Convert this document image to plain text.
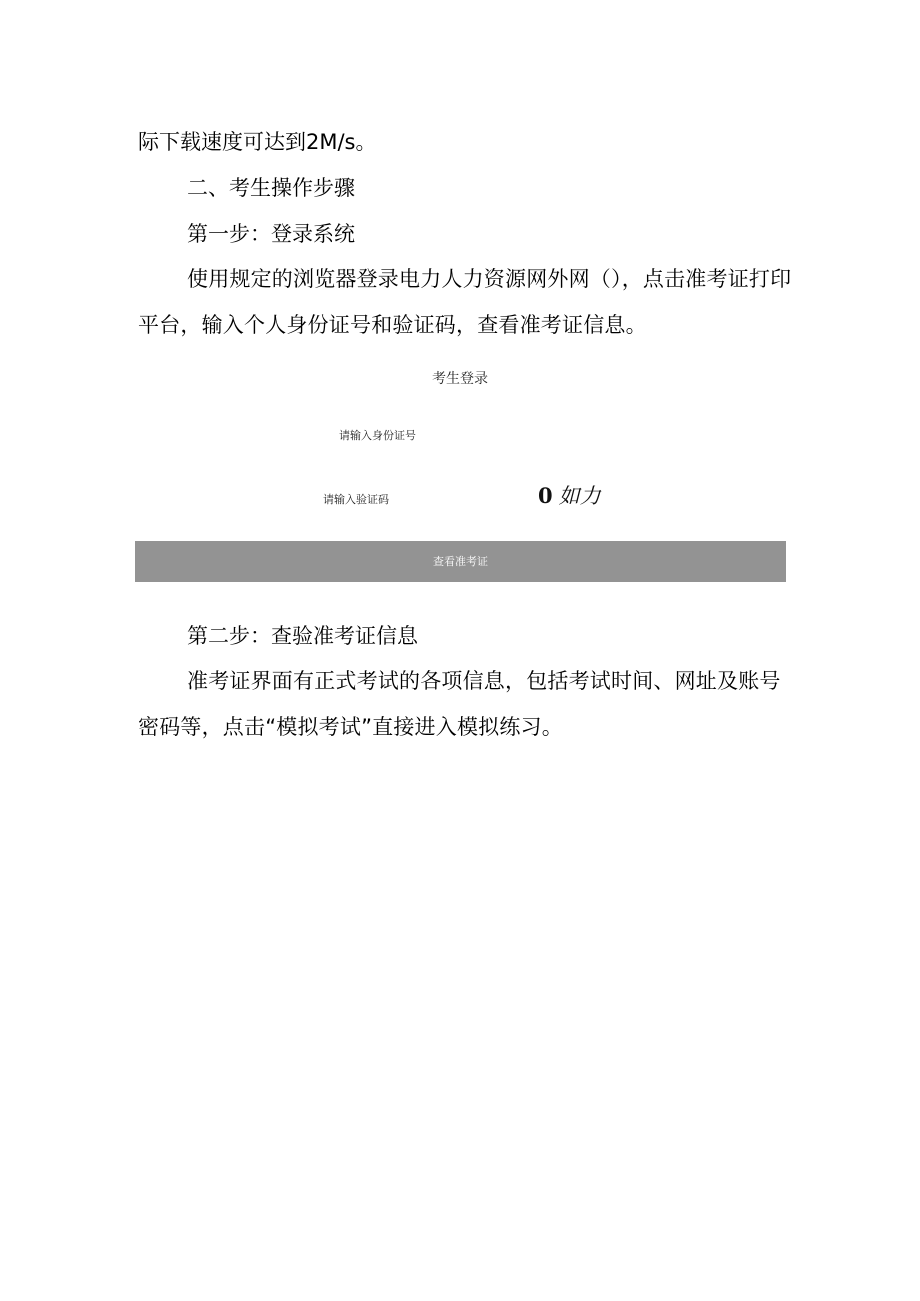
际下载速度可达到2M/s。

二、考生操作步骤

第一步：登录系统

使用规定的浏览器登录电力人力资源网外网（），点击准考证打印平台，输入个人身份证号和验证码，查看准考证信息。

考生登录
请输入身份证号
请输入验证码	0 如力
查看准考证

第二步：查验准考证信息

准考证界面有正式考试的各项信息，包括考试时间、网址及账号密码等，点击“模拟考试”直接进入模拟练习。
